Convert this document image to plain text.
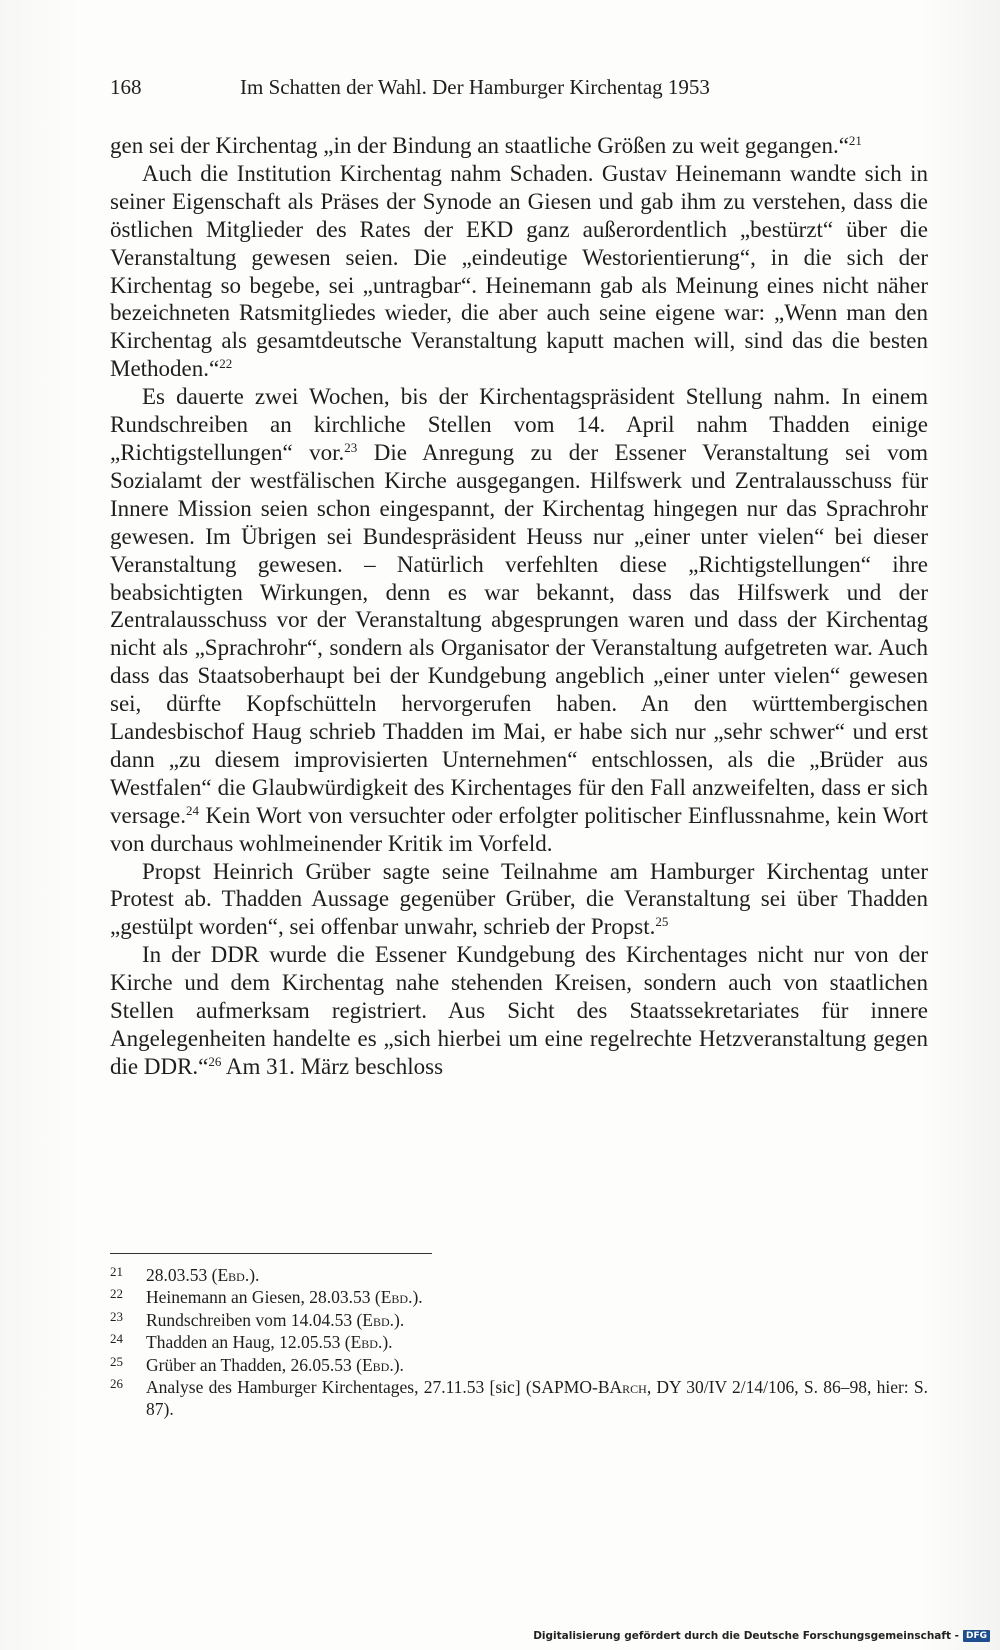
168	Im Schatten der Wahl. Der Hamburger Kirchentag 1953

gen sei der Kirchentag „in der Bindung an staatliche Größen zu weit gegangen.“$^{21}$

Auch die Institution Kirchentag nahm Schaden. Gustav Heinemann wandte sich in seiner Eigenschaft als Präses der Synode an Giesen und gab ihm zu verstehen, dass die östlichen Mitglieder des Rates der EKD ganz außerordentlich „bestürzt“ über die Veranstaltung gewesen seien. Die „eindeutige Westorientierung“, in die sich der Kirchentag so begebe, sei „untragbar“. Heinemann gab als Meinung eines nicht näher bezeichneten Ratsmitgliedes wieder, die aber auch seine eigene war: „Wenn man den Kirchentag als gesamtdeutsche Veranstaltung kaputt machen will, sind das die besten Methoden.“$^{22}$

Es dauerte zwei Wochen, bis der Kirchentagspräsident Stellung nahm. In einem Rundschreiben an kirchliche Stellen vom 14. April nahm Thadden einige „Richtigstellungen“ vor.$^{23}$ Die Anregung zu der Essener Veranstaltung sei vom Sozialamt der westfälischen Kirche ausgegangen. Hilfswerk und Zentralausschuss für Innere Mission seien schon eingespannt, der Kirchentag hingegen nur das Sprachrohr gewesen. Im Übrigen sei Bundespräsident Heuss nur „einer unter vielen“ bei dieser Veranstaltung gewesen. – Natürlich verfehlten diese „Richtigstellungen“ ihre beabsichtigten Wirkungen, denn es war bekannt, dass das Hilfswerk und der Zentralausschuss vor der Veranstaltung abgesprungen waren und dass der Kirchentag nicht als „Sprachrohr“, sondern als Organisator der Veranstaltung aufgetreten war. Auch dass das Staatsoberhaupt bei der Kundgebung angeblich „einer unter vielen“ gewesen sei, dürfte Kopfschütteln hervorgerufen haben. An den württembergischen Landesbischof Haug schrieb Thadden im Mai, er habe sich nur „sehr schwer“ und erst dann „zu diesem improvisierten Unternehmen“ entschlossen, als die „Brüder aus Westfalen“ die Glaubwürdigkeit des Kirchentages für den Fall anzweifelten, dass er sich versage.$^{24}$ Kein Wort von versuchter oder erfolgter politischer Einflussnahme, kein Wort von durchaus wohlmeinender Kritik im Vorfeld.

Propst Heinrich Grüber sagte seine Teilnahme am Hamburger Kirchentag unter Protest ab. Thadden Aussage gegenüber Grüber, die Veranstaltung sei über Thadden „gestülpt worden“, sei offenbar unwahr, schrieb der Propst.$^{25}$

In der DDR wurde die Essener Kundgebung des Kirchentages nicht nur von der Kirche und dem Kirchentag nahe stehenden Kreisen, sondern auch von staatlichen Stellen aufmerksam registriert. Aus Sicht des Staatssekretariates für innere Angelegenheiten handelte es „sich hierbei um eine regelrechte Hetzveranstaltung gegen die DDR.“$^{26}$ Am 31. März beschloss

21 28.03.53 (Ebd.).
22 Heinemann an Giesen, 28.03.53 (Ebd.).
23 Rundschreiben vom 14.04.53 (Ebd.).
24 Thadden an Haug, 12.05.53 (Ebd.).
25 Grüber an Thadden, 26.05.53 (Ebd.).
26 Analyse des Hamburger Kirchentages, 27.11.53 [sic] (SAPMO-BArch, DY 30/IV 2/14/106, S. 86–98, hier: S. 87).
Digitalisierung gefördert durch die Deutsche Forschungsgemeinschaft - DFG
